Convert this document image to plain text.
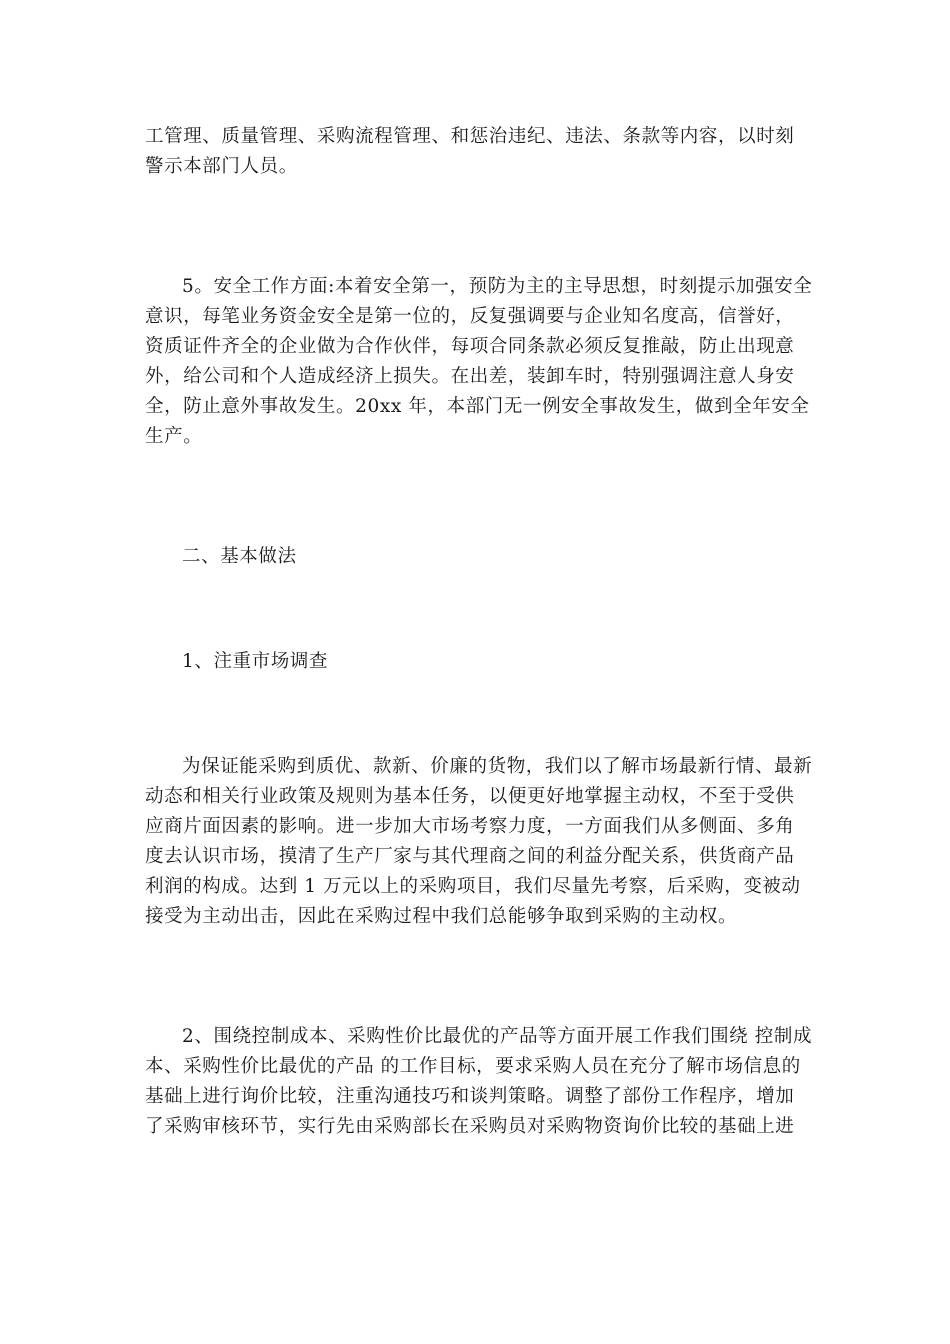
工管理、质量管理、采购流程管理、和惩治违纪、违法、条款等内容，以时刻
警示本部门人员。
5。安全工作方面:本着安全第一，预防为主的主导思想，时刻提示加强安全
意识，每笔业务资金安全是第一位的，反复强调要与企业知名度高，信誉好，
资质证件齐全的企业做为合作伙伴，每项合同条款必须反复推敲，防止出现意
外，给公司和个人造成经济上损失。在出差，装卸车时，特别强调注意人身安
全，防止意外事故发生。20xx 年，本部门无一例安全事故发生，做到全年安全
生产。
二、基本做法
1、注重市场调查
为保证能采购到质优、款新、价廉的货物，我们以了解市场最新行情、最新
动态和相关行业政策及规则为基本任务，以便更好地掌握主动权，不至于受供
应商片面因素的影响。进一步加大市场考察力度，一方面我们从多侧面、多角
度去认识市场，摸清了生产厂家与其代理商之间的利益分配关系，供货商产品
利润的构成。达到 1 万元以上的采购项目，我们尽量先考察，后采购，变被动
接受为主动出击，因此在采购过程中我们总能够争取到采购的主动权。
2、围绕控制成本、采购性价比最优的产品等方面开展工作我们围绕 控制成
本、采购性价比最优的产品 的工作目标，要求采购人员在充分了解市场信息的
基础上进行询价比较，注重沟通技巧和谈判策略。调整了部份工作程序，增加
了采购审核环节，实行先由采购部长在采购员对采购物资询价比较的基础上进
